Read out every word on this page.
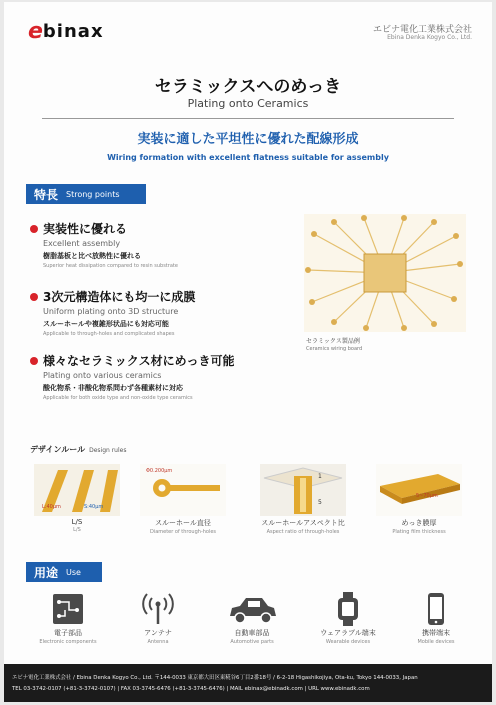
e binax	エビナ電化工業株式会社
Ebina Denka Kogyo Co., Ltd.
セラミックスへのめっき
Plating onto Ceramics
実装に適した平坦性に優れた配線形成
Wiring formation with excellent flatness suitable for assembly
特長 Strong points
実装性に優れる
Excellent assembly
樹脂基板と比べ放熱性に優れる
Superior heat dissipation compared to resin substrate
3次元構造体にも均一に成膜
Uniform plating onto 3D structure
スルーホールや複雑形状品にも対応可能
Applicable to through-holes and complicated shapes
様々なセラミックス材にめっき可能
Plating onto various ceramics
酸化物系・非酸化物系問わず各種素材に対応
Applicable for both oxide type and non-oxide type ceramics
セラミックス製品例
Ceramics wiring board
デザインルール Design rules
L:40μm	S:40μm
L/S
L/S
Φ0.200μm
スルーホール直径
Diameter of through-holes
1
5
スルーホールアスペクト比
Aspect ratio of through-holes
5~70μm
めっき膜厚
Plating film thickness
用途 Use
電子部品
Electronic components
アンテナ
Antenna
自動車部品
Automotive parts
ウェアラブル端末
Wearable devices
携帯端末
Mobile devices
エビナ電化工業株式会社 / Ebina Denka Kogyo Co., Ltd. 〒144-0033 東京都大田区東糀谷6丁目2番18号 / 6-2-18 Higashikojiya, Ota-ku, Tokyo 144-0033, Japan
TEL 03-3742-0107 (+81-3-3742-0107) | FAX 03-3745-6476 (+81-3-3745-6476) | MAIL ebinax@ebinadk.com | URL www.ebinadk.com
